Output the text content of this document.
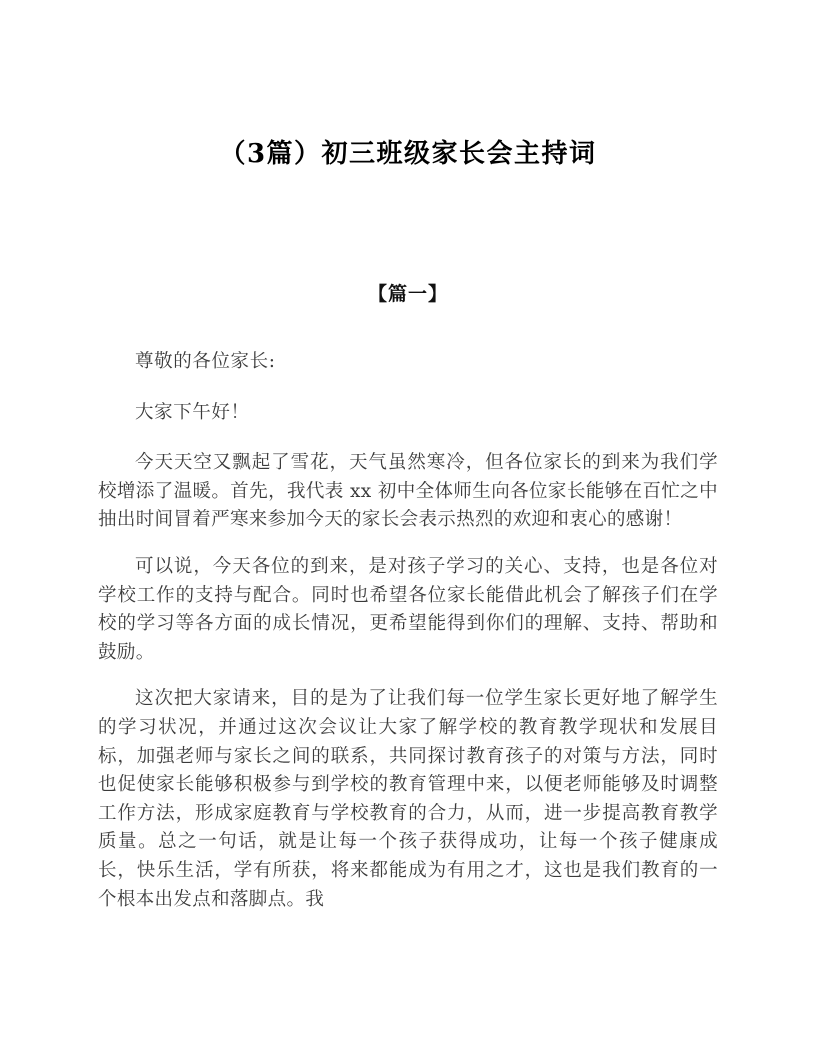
（3篇）初三班级家长会主持词
【篇一】

尊敬的各位家长:

大家下午好！

今天天空又飘起了雪花，天气虽然寒冷，但各位家长的到来为我们学校增添了温暖。首先，我代表 xx 初中全体师生向各位家长能够在百忙之中抽出时间冒着严寒来参加今天的家长会表示热烈的欢迎和衷心的感谢！

可以说，今天各位的到来，是对孩子学习的关心、支持，也是各位对学校工作的支持与配合。同时也希望各位家长能借此机会了解孩子们在学校的学习等各方面的成长情况，更希望能得到你们的理解、支持、帮助和鼓励。

这次把大家请来，目的是为了让我们每一位学生家长更好地了解学生的学习状况，并通过这次会议让大家了解学校的教育教学现状和发展目标，加强老师与家长之间的联系，共同探讨教育孩子的对策与方法，同时也促使家长能够积极参与到学校的教育管理中来，以便老师能够及时调整工作方法，形成家庭教育与学校教育的合力，从而，进一步提高教育教学质量。总之一句话，就是让每一个孩子获得成功，让每一个孩子健康成长，快乐生活，学有所获，将来都能成为有用之才，这也是我们教育的一个根本出发点和落脚点。我
